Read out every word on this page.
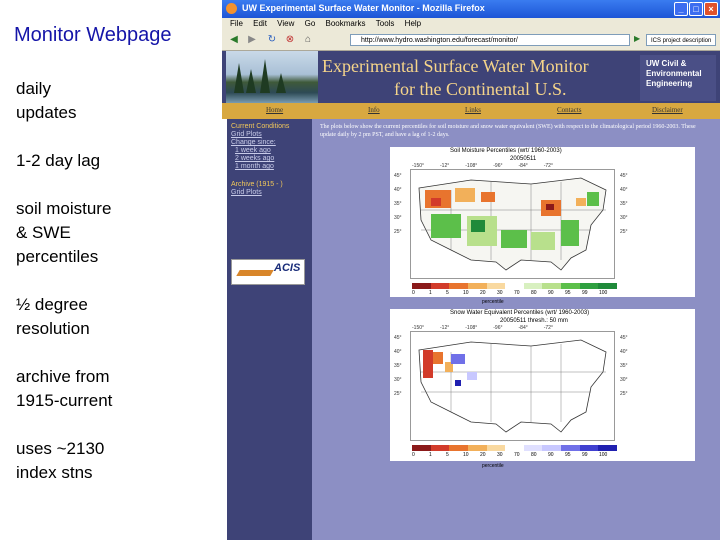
Monitor Webpage
daily
updates
1-2 day lag
soil moisture
& SWE
percentiles
½ degree
resolution
archive from
1915-current
uses ~2130
index stns
UW Experimental Surface Water Monitor - Mozilla Firefox	_	□	×
File Edit View Go Bookmarks Tools Help
◀ ▶ ↻ ⊗ ⌂	http://www.hydro.washington.edu/forecast/monitor/	▶	ICS project description
Experimental Surface Water Monitor
for the Continental U.S.
UW Civil &
Environmental
Engineering
Home	Info	Links	Contacts	Disclaimer
Current Conditions
Grid Plots
Change since:
1 week ago
2 weeks ago
1 month ago
Archive (1915 - )
Grid Plots
ACIS
The plots below show the current percentiles for soil moisture and snow water equivalent (SWE) with respect to the climatological period 1960-2003. These update daily by 2 pm PST, and have a lag of 1-2 days.
Soil Moisture Percentiles (wrt/ 1960-2003)
20050511
-150°	-12°	-108°	-96°	-84°	-72°
45°
40°
35°
30°
25°
45°
40°
35°
30°
25°
0	1	5	10 20 30 70 80 90 95 99 100
percentile
Snow Water Equivalent Percentiles (wrt/ 1960-2003)
20050511 thresh.: 50 mm
-150°	-12°	-108°	-96°	-84°	-72°
45°
40°
35°
30°
25°
45°
40°
35°
30°
25°
0	1	5	10 20 30 70 80 90 95 99 100
percentile
